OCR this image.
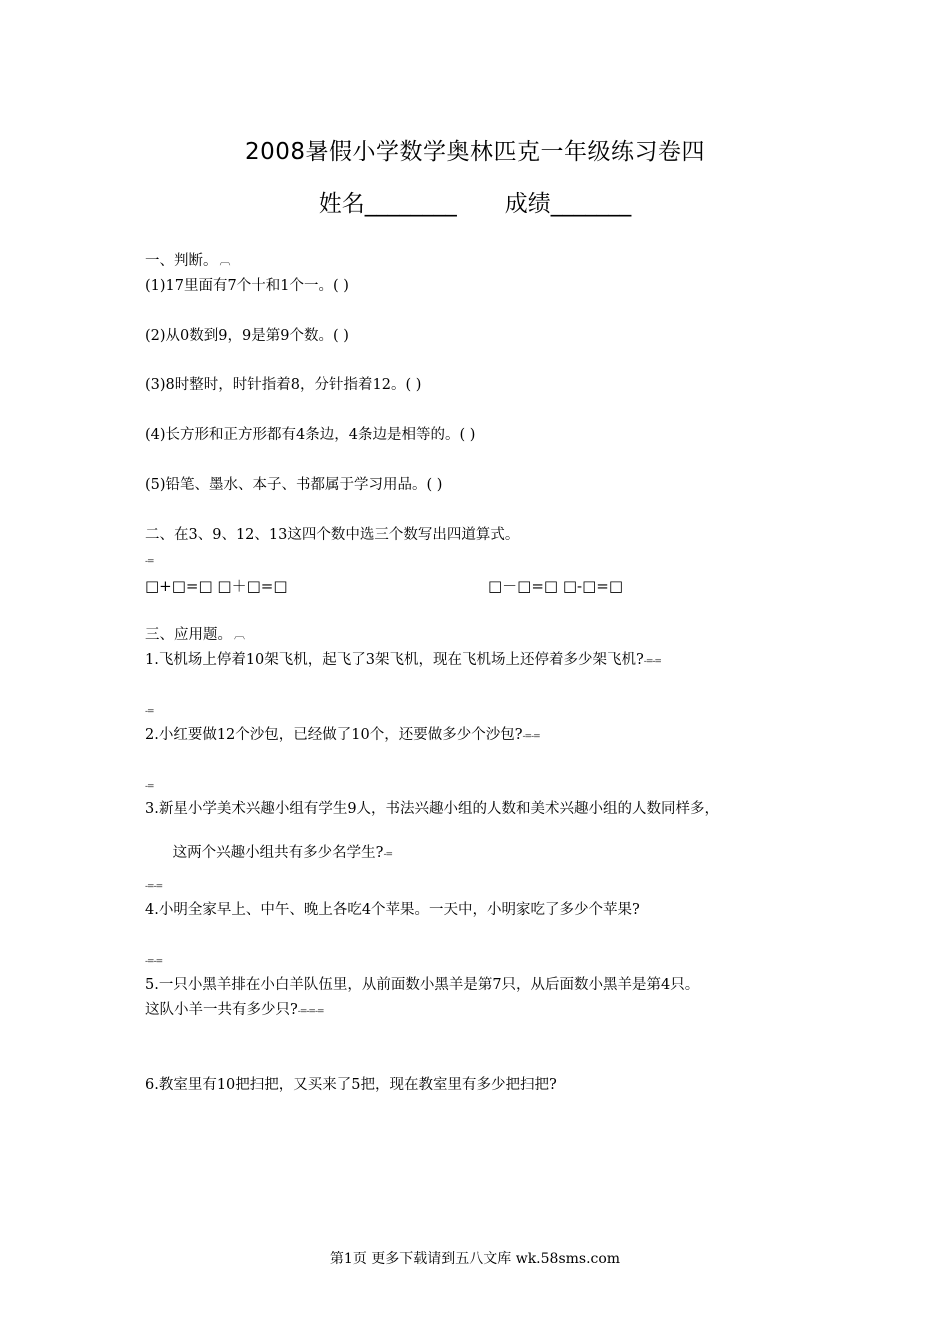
2008暑假小学数学奥林匹克一年级练习卷四
姓名________ 成绩_______
一、判断。 ︹
(1)17里面有7个十和1个一。( )
(2)从0数到9，9是第9个数。( )
(3)8时整时，时针指着8，分针指着12。( )
(4)长方形和正方形都有4条边，4条边是相等的。( )
(5)铅笔、墨水、本子、书都属于学习用品。( )
二、在3、9、12、13这四个数中选三个数写出四道算式。
-=
□+□=□ □＋□=□	□－□=□ □-□=□
三、应用题。 ︹
1.飞机场上停着10架飞机，起飞了3架飞机，现在飞机场上还停着多少架飞机?-=-=
-=
2.小红要做12个沙包，已经做了10个，还要做多少个沙包?-=-=
-=
3.新星小学美术兴趣小组有学生9人，书法兴趣小组的人数和美术兴趣小组的人数同样多，

这两个兴趣小组共有多少名学生?-=

-=-=
4.小明全家早上、中午、晚上各吃4个苹果。一天中，小明家吃了多少个苹果?
-=-=
5.一只小黑羊排在小白羊队伍里，从前面数小黑羊是第7只，从后面数小黑羊是第4只。
这队小羊一共有多少只?-=-=-=
6.教室里有10把扫把，又买来了5把，现在教室里有多少把扫把?
第1页 更多下载请到五八文库 wk.58sms.com
